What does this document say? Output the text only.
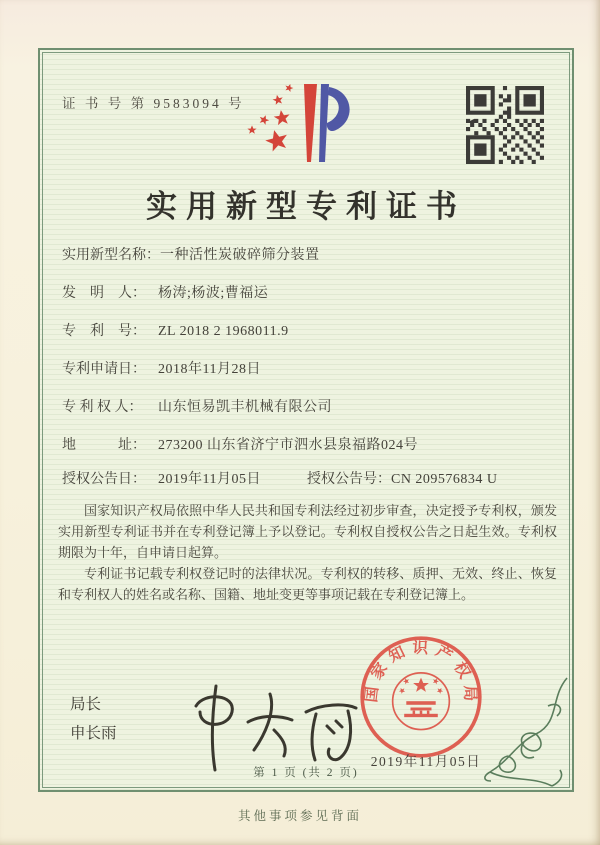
证 书 号 第 9583094 号
实用新型专利证书
实用新型名称：一种活性炭破碎筛分装置
发　明　人： 杨涛;杨波;曹福运
专　利　号： ZL 2018 2 1968011.9
专利申请日： 2018年11月28日
专 利 权 人： 山东恒易凯丰机械有限公司
地　　　址： 273200 山东省济宁市泗水县泉福路024号
授权公告日： 2019年11月05日	授权公告号：CN 209576834 U

国家知识产权局依照中华人民共和国专利法经过初步审查，决定授予专利权，颁发实用新型专利证书并在专利登记簿上予以登记。专利权自授权公告之日起生效。专利权期限为十年，自申请日起算。

专利证书记载专利权登记时的法律状况。专利权的转移、质押、无效、终止、恢复和专利权人的姓名或名称、国籍、地址变更等事项记载在专利登记簿上。

局长
申长雨
国家知识产权局
2019年11月05日
第 1 页 (共 2 页)
其他事项参见背面
